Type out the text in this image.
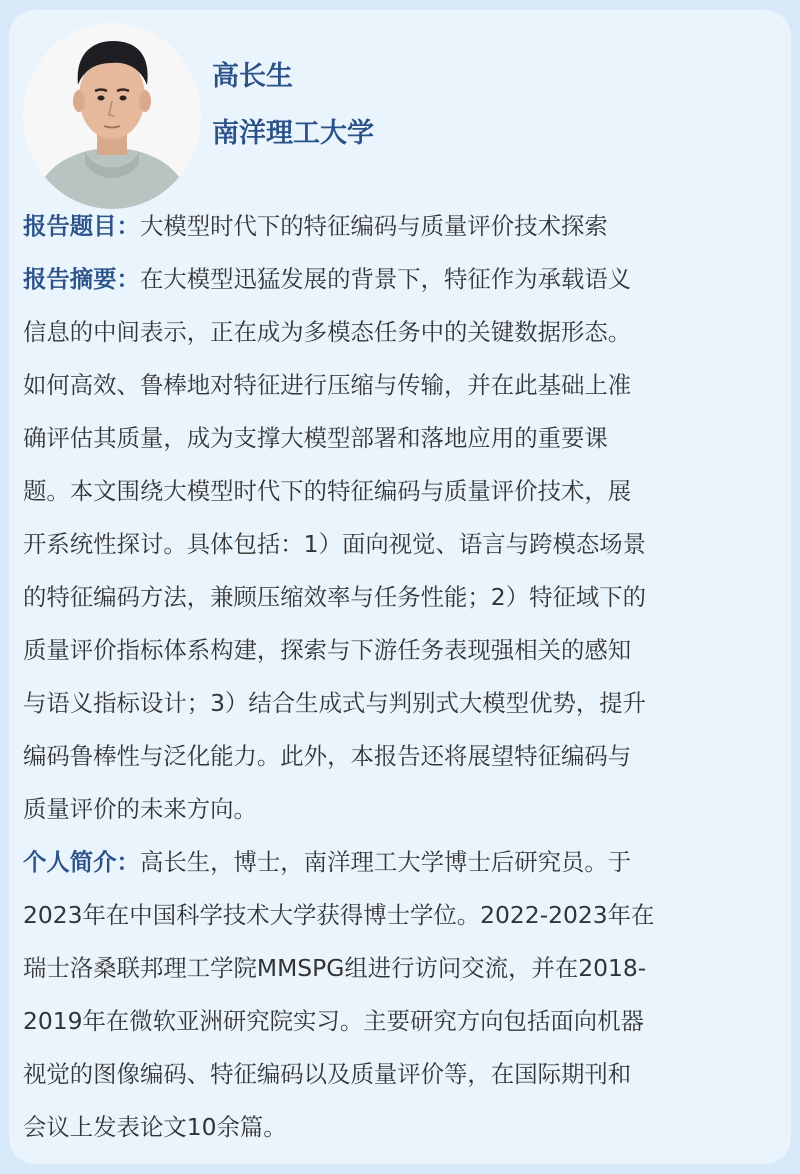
高长生
南洋理工大学
报告题目：大模型时代下的特征编码与质量评价技术探索
报告摘要：在大模型迅猛发展的背景下，特征作为承载语义
信息的中间表示，正在成为多模态任务中的关键数据形态。
如何高效、鲁棒地对特征进行压缩与传输，并在此基础上准
确评估其质量，成为支撑大模型部署和落地应用的重要课
题。本文围绕大模型时代下的特征编码与质量评价技术，展
开系统性探讨。具体包括：1）面向视觉、语言与跨模态场景
的特征编码方法，兼顾压缩效率与任务性能；2）特征域下的
质量评价指标体系构建，探索与下游任务表现强相关的感知
与语义指标设计；3）结合生成式与判别式大模型优势，提升
编码鲁棒性与泛化能力。此外，本报告还将展望特征编码与
质量评价的未来方向。
个人简介：高长生，博士，南洋理工大学博士后研究员。于
2023年在中国科学技术大学获得博士学位。2022-2023年在
瑞士洛桑联邦理工学院MMSPG组进行访问交流，并在2018-
2019年在微软亚洲研究院实习。主要研究方向包括面向机器
视觉的图像编码、特征编码以及质量评价等，在国际期刊和
会议上发表论文10余篇。
